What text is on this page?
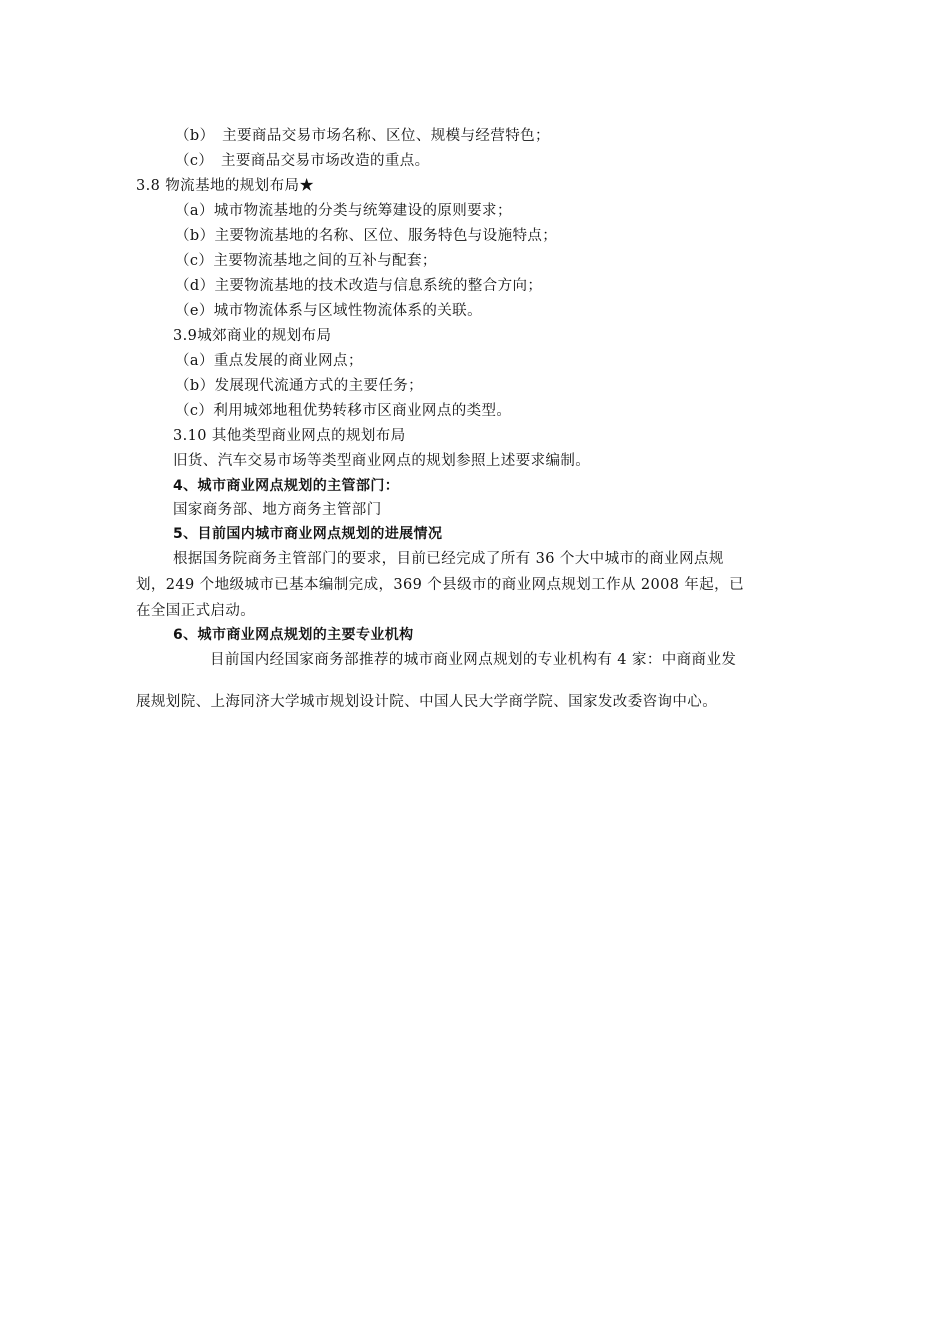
（b）　主要商品交易市场名称、区位、规模与经营特色；
（c）　主要商品交易市场改造的重点。
3.8 物流基地的规划布局★
（a）城市物流基地的分类与统筹建设的原则要求；
（b）主要物流基地的名称、区位、服务特色与设施特点；
（c）主要物流基地之间的互补与配套；
（d）主要物流基地的技术改造与信息系统的整合方向；
（e）城市物流体系与区域性物流体系的关联。
3.9城郊商业的规划布局
（a）重点发展的商业网点；
（b）发展现代流通方式的主要任务；
（c）利用城郊地租优势转移市区商业网点的类型。
3.10 其他类型商业网点的规划布局
旧货、汽车交易市场等类型商业网点的规划参照上述要求编制。
4、城市商业网点规划的主管部门：
国家商务部、地方商务主管部门
5、目前国内城市商业网点规划的进展情况
根据国务院商务主管部门的要求，目前已经完成了所有 36 个大中城市的商业网点规
划，249 个地级城市已基本编制完成，369 个县级市的商业网点规划工作从 2008 年起，已
在全国正式启动。
6、城市商业网点规划的主要专业机构
目前国内经国家商务部推荐的城市商业网点规划的专业机构有 4 家：中商商业发
展规划院、上海同济大学城市规划设计院、中国人民大学商学院、国家发改委咨询中心。
